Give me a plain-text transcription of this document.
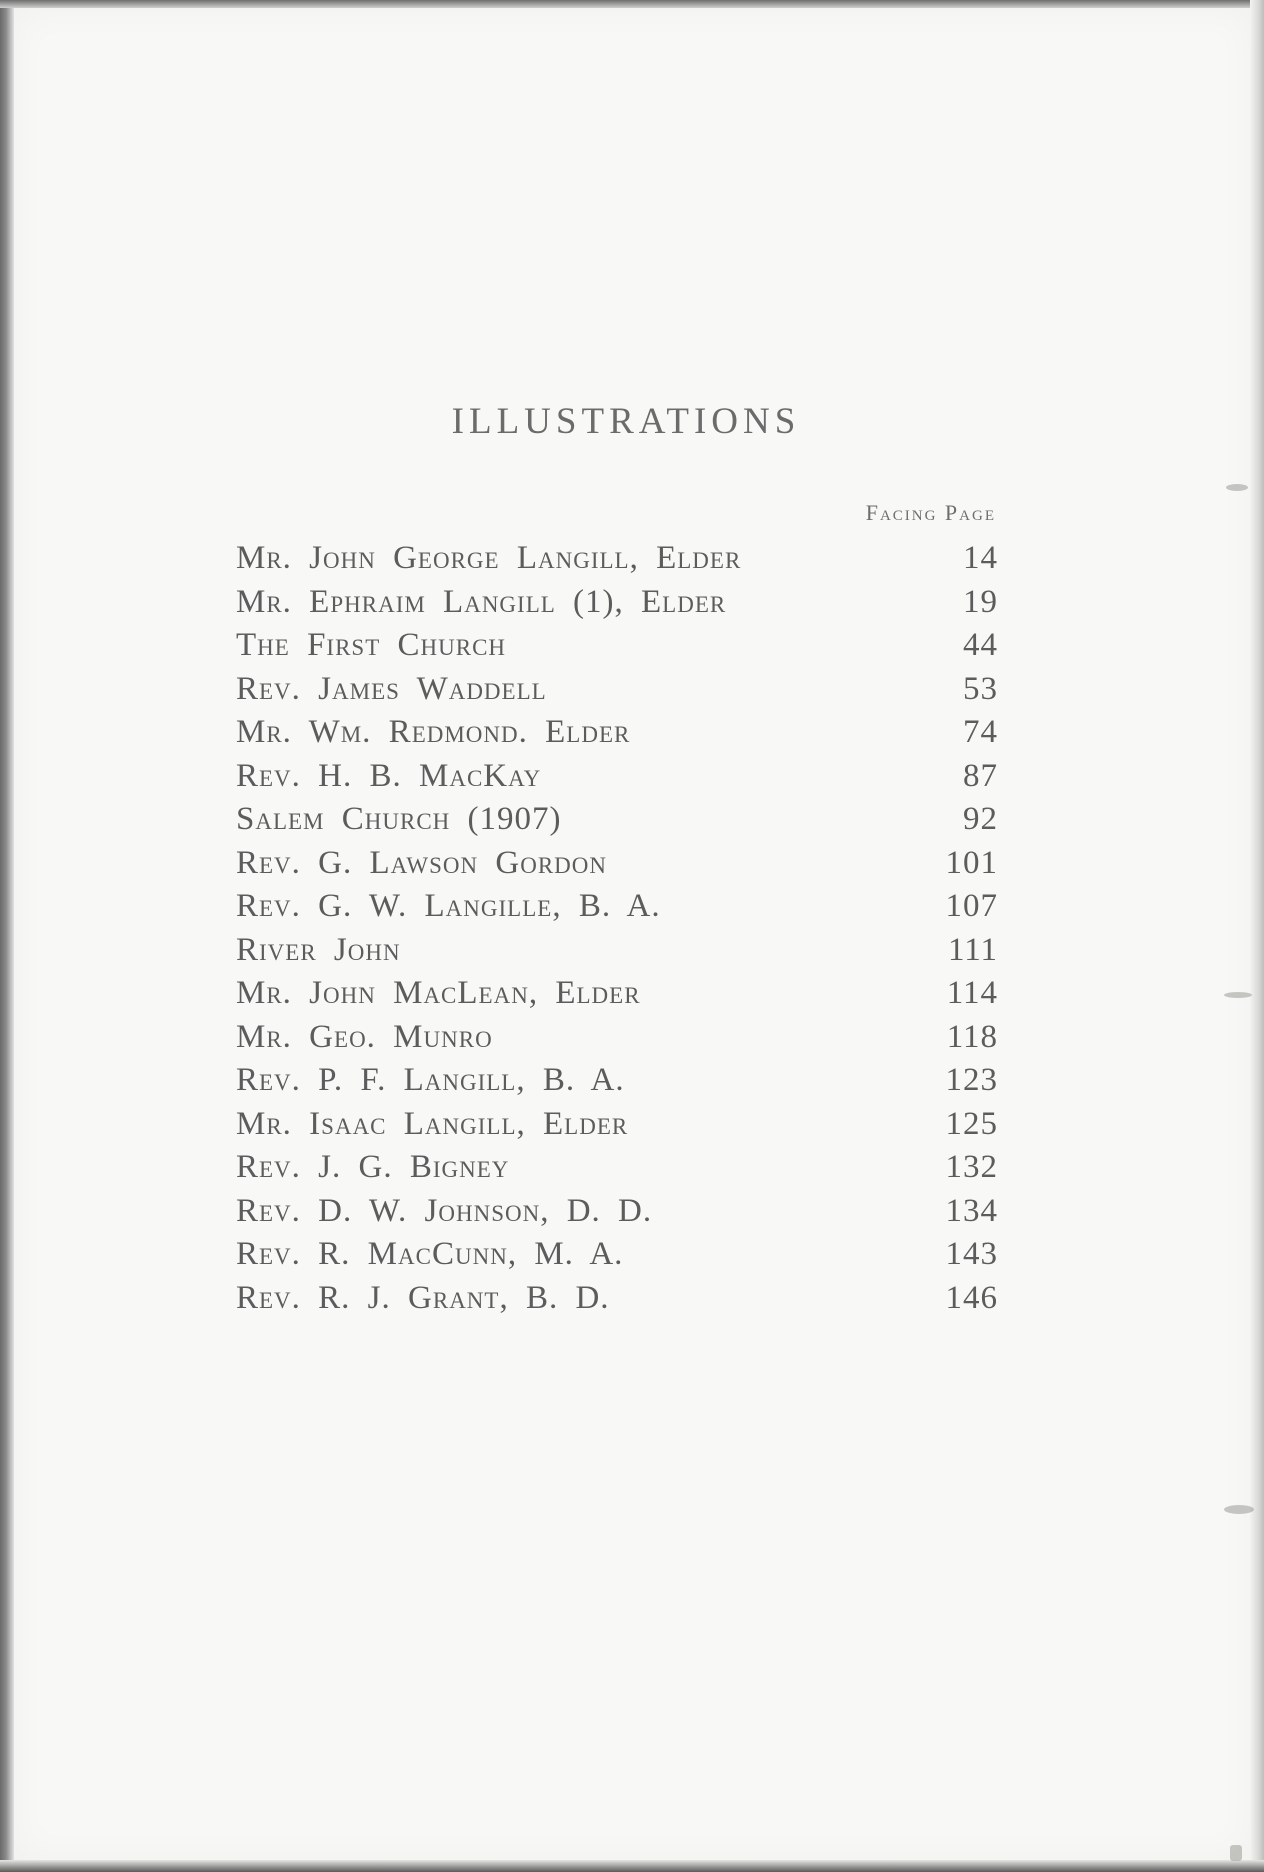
ILLUSTRATIONS
Facing Page
Mr. John George Langill, Elder	14
Mr. Ephraim Langill (1), Elder	19
The First Church	44
Rev. James Waddell	53
Mr. Wm. Redmond. Elder	74
Rev. H. B. MacKay	87
Salem Church (1907)	92
Rev. G. Lawson Gordon	101
Rev. G. W. Langille, B. A.	107
River John	111
Mr. John MacLean, Elder	114
Mr. Geo. Munro	118
Rev. P. F. Langill, B. A.	123
Mr. Isaac Langill, Elder	125
Rev. J. G. Bigney	132
Rev. D. W. Johnson, D. D.	134
Rev. R. MacCunn, M. A.	143
Rev. R. J. Grant, B. D.	146
